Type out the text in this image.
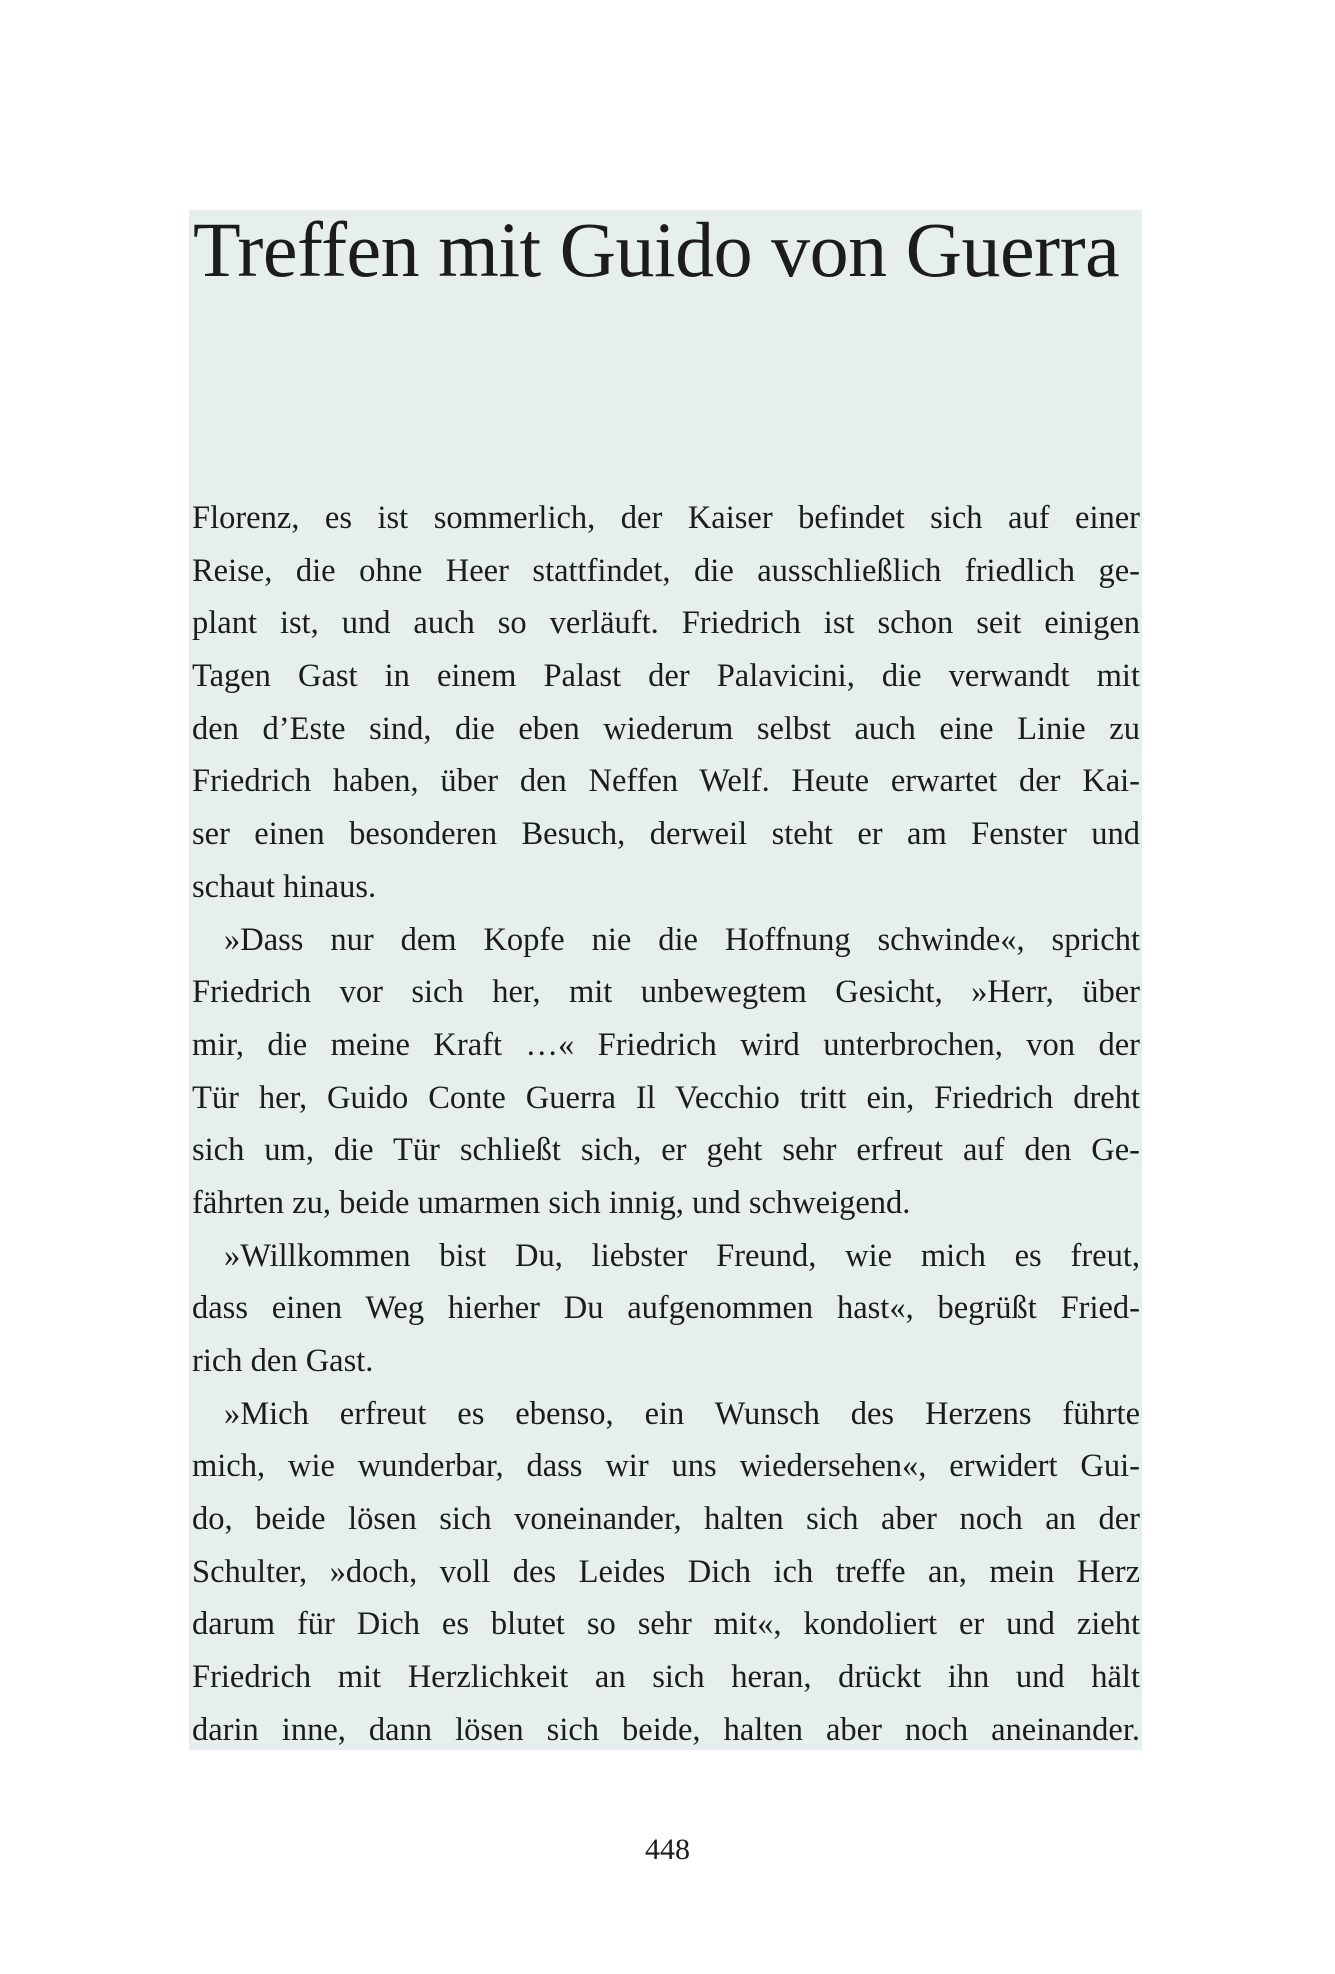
Treffen mit Guido von Guerra
Florenz, es ist sommerlich, der Kaiser befindet sich auf einer
Reise, die ohne Heer stattfindet, die ausschließlich friedlich ge-
plant ist, und auch so verläuft. Friedrich ist schon seit einigen
Tagen Gast in einem Palast der Palavicini, die verwandt mit
den d’Este sind, die eben wiederum selbst auch eine Linie zu
Friedrich haben, über den Neffen Welf. Heute erwartet der Kai-
ser einen besonderen Besuch, derweil steht er am Fenster und
schaut hinaus.
»Dass nur dem Kopfe nie die Hoffnung schwinde«, spricht
Friedrich vor sich her, mit unbewegtem Gesicht, »Herr, über
mir, die meine Kraft …« Friedrich wird unterbrochen, von der
Tür her, Guido Conte Guerra Il Vecchio tritt ein, Friedrich dreht
sich um, die Tür schließt sich, er geht sehr erfreut auf den Ge-
fährten zu, beide umarmen sich innig, und schweigend.
»Willkommen bist Du, liebster Freund, wie mich es freut,
dass einen Weg hierher Du aufgenommen hast«, begrüßt Fried-
rich den Gast.
»Mich erfreut es ebenso, ein Wunsch des Herzens führte
mich, wie wunderbar, dass wir uns wiedersehen«, erwidert Gui-
do, beide lösen sich voneinander, halten sich aber noch an der
Schulter, »doch, voll des Leides Dich ich treffe an, mein Herz
darum für Dich es blutet so sehr mit«, kondoliert er und zieht
Friedrich mit Herzlichkeit an sich heran, drückt ihn und hält
darin inne, dann lösen sich beide, halten aber noch aneinander.
448
